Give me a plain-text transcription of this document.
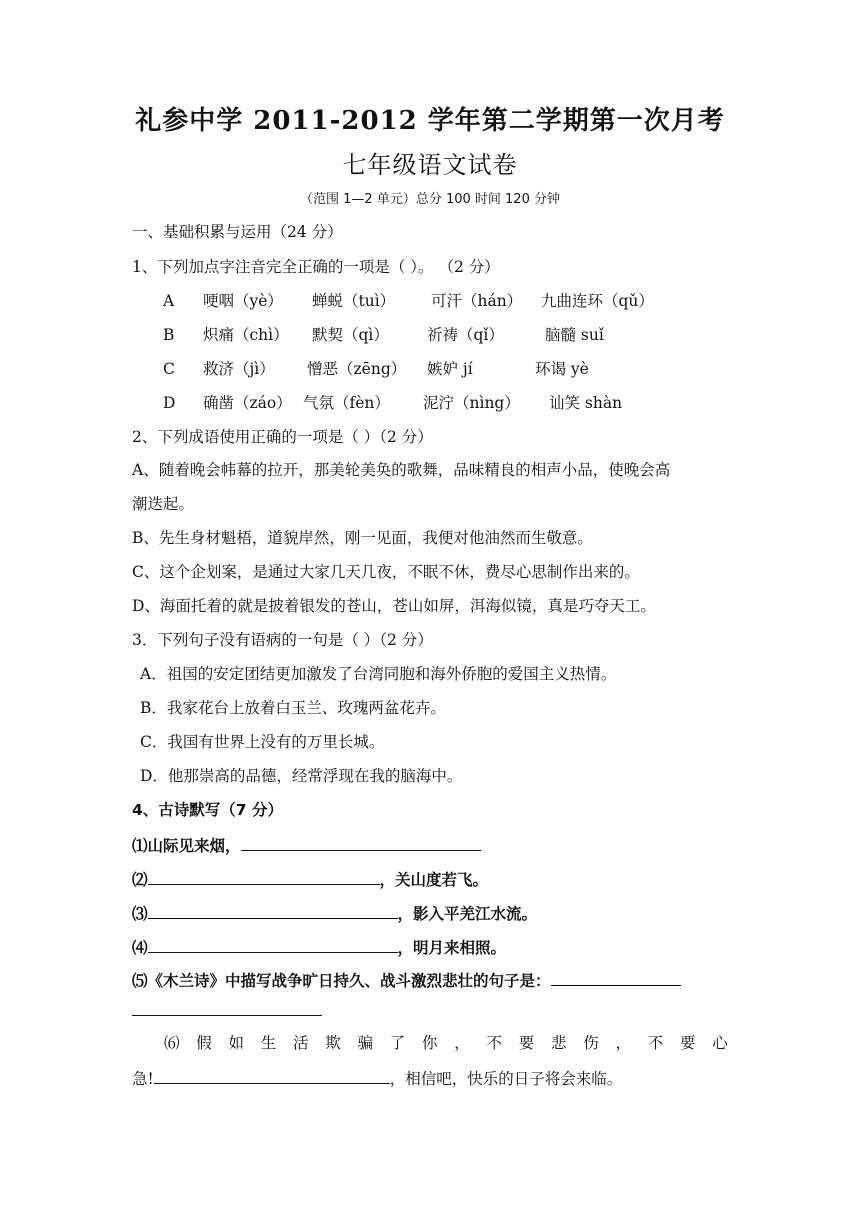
礼参中学 2011-2012 学年第二学期第一次月考
七年级语文试卷
（范围 1—2 单元）总分 100 时间 120 分钟
一、基础积累与运用（24 分）
1、下列加点字注音完全正确的一项是（ ）。 （2 分）
A 哽咽（yè） 蝉蜕（tuì） 可汗（hán） 九曲连环（qǔ）
B 炽痛（chì） 默契（qì） 祈祷（qǐ）	脑髓 suǐ
C 救济（jì） 憎恶（zēng） 嫉妒 jí	环谒 yè
D 确凿（záo） 气氛（fèn） 泥泞（nìng） 讪笑 shàn
2、下列成语使用正确的一项是（ ）（2 分）
A、随着晚会帏幕的拉开，那美轮美奂的歌舞，品味精良的相声小品，使晚会高
潮迭起。
B、先生身材魁梧，道貌岸然，刚一见面，我便对他油然而生敬意。
C、这个企划案，是通过大家几天几夜，不眠不休，费尽心思制作出来的。
D、海面托着的就是披着银发的苍山，苍山如屏，洱海似镜，真是巧夺天工。
3．下列句子没有语病的一句是（ ）（2 分）
A．祖国的安定团结更加激发了台湾同胞和海外侨胞的爱国主义热情。
B．我家花台上放着白玉兰、玫瑰两盆花卉。
C．我国有世界上没有的万里长城。
D．他那崇高的品德，经常浮现在我的脑海中。
4、古诗默写（7 分）
⑴山际见来烟，
⑵	，关山度若飞。
⑶	，影入平羌江水流。
⑷	，明月来相照。
⑸《木兰诗》中描写战争旷日持久、战斗激烈悲壮的句子是：
⑹ 假 如 生 活 欺 骗 了 你 ， 不 要 悲 伤 ， 不 要 心
急!	，相信吧，快乐的日子将会来临。
